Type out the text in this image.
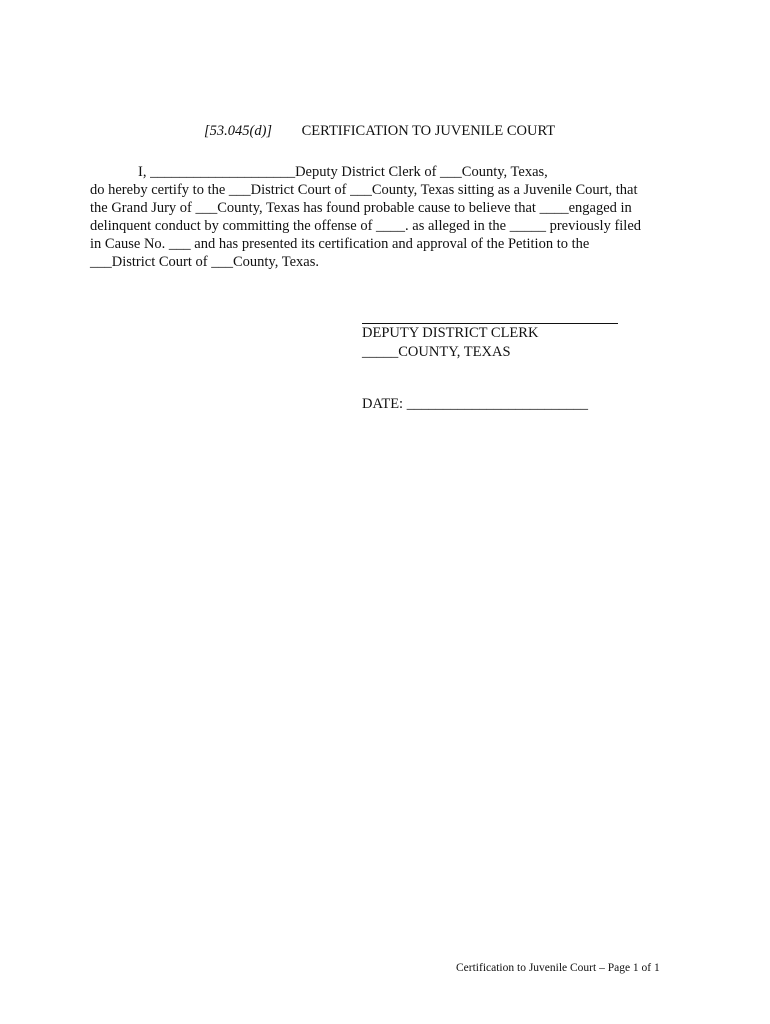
[53.045(d)] CERTIFICATION TO JUVENILE COURT
I, ____________________Deputy District Clerk of ___County, Texas,
do hereby certify to the ___District Court of ___County, Texas sitting as a Juvenile Court, that
the Grand Jury of ___County, Texas has found probable cause to believe that ____engaged in
delinquent conduct by committing the offense of ____. as alleged in the _____ previously filed
in Cause No. ___ and has presented its certification and approval of the Petition to the
___District Court of ___County, Texas.
DEPUTY DISTRICT CLERK
_____COUNTY, TEXAS
DATE: _________________________
Certification to Juvenile Court – Page 1 of 1
